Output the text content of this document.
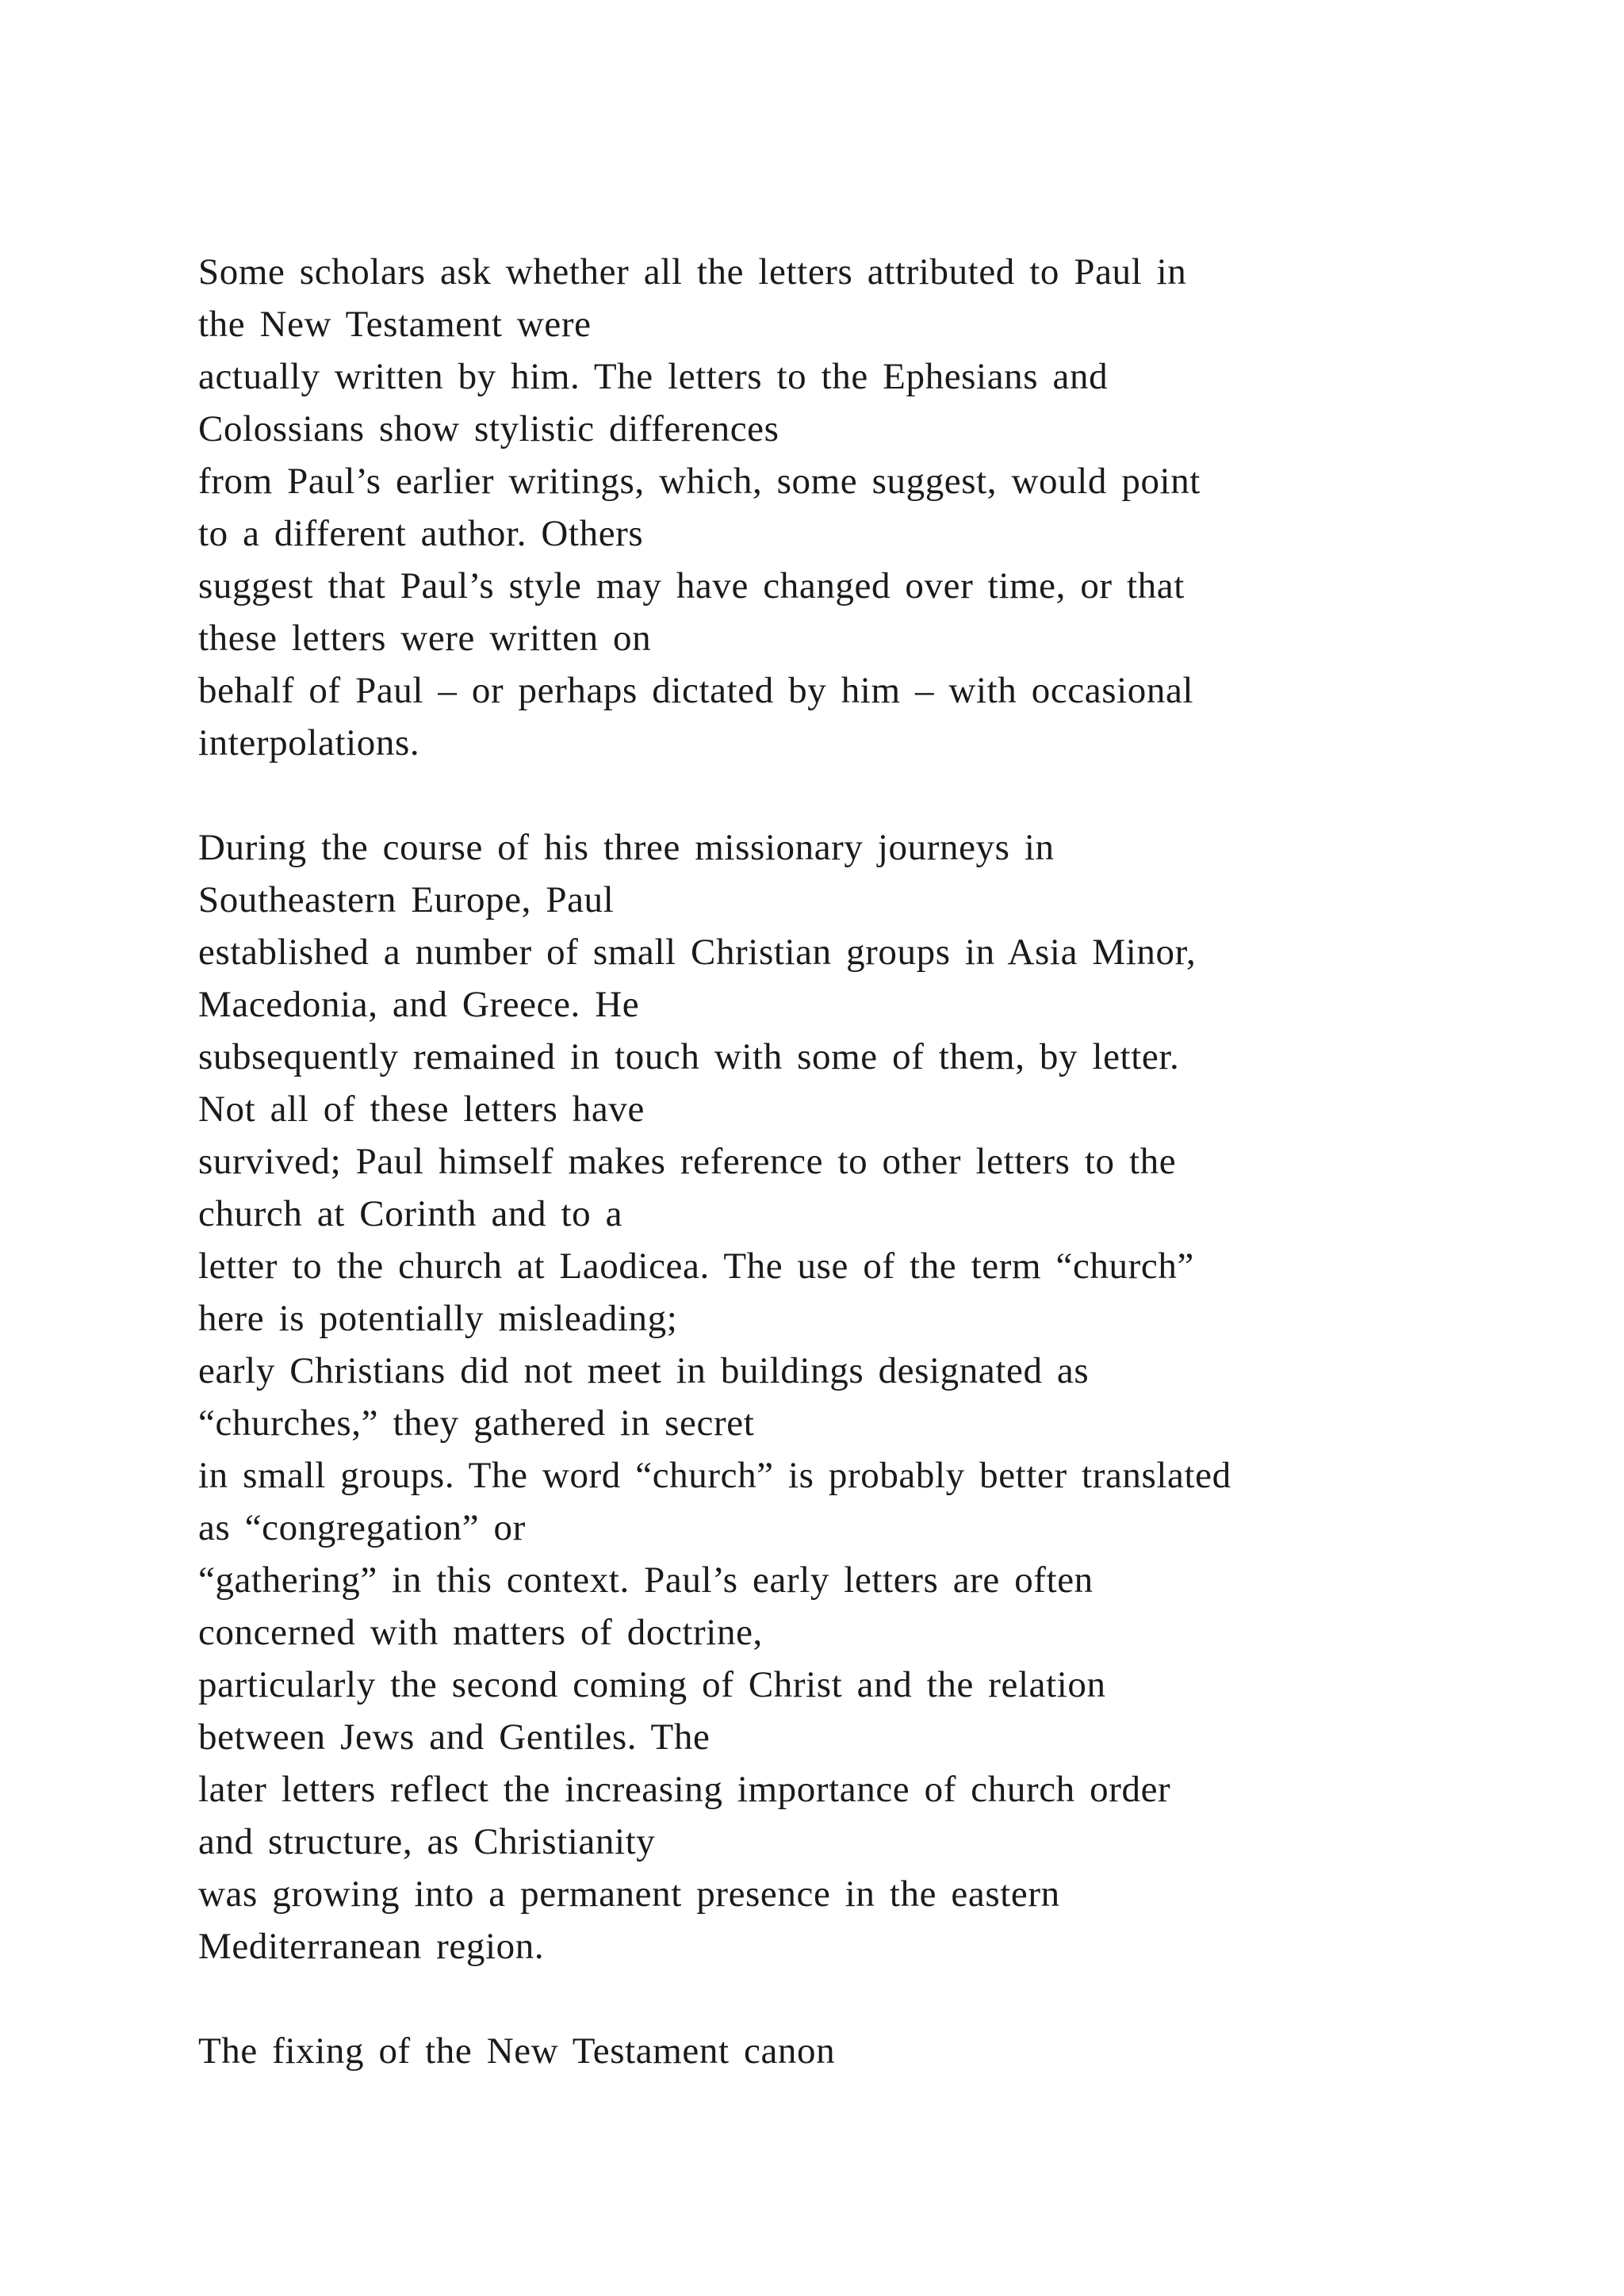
Some scholars ask whether all the letters attributed to Paul in
the New Testament were
actually written by him. The letters to the Ephesians and
Colossians show stylistic differences
from Paul’s earlier writings, which, some suggest, would point
to a different author. Others
suggest that Paul’s style may have changed over time, or that
these letters were written on
behalf of Paul – or perhaps dictated by him – with occasional
interpolations.
During the course of his three missionary journeys in
Southeastern Europe, Paul
established a number of small Christian groups in Asia Minor,
Macedonia, and Greece. He
subsequently remained in touch with some of them, by letter.
Not all of these letters have
survived; Paul himself makes reference to other letters to the
church at Corinth and to a
letter to the church at Laodicea. The use of the term “church”
here is potentially misleading;
early Christians did not meet in buildings designated as
“churches,” they gathered in secret
in small groups. The word “church” is probably better translated
as “congregation” or
“gathering” in this context. Paul’s early letters are often
concerned with matters of doctrine,
particularly the second coming of Christ and the relation
between Jews and Gentiles. The
later letters reflect the increasing importance of church order
and structure, as Christianity
was growing into a permanent presence in the eastern
Mediterranean region.
The fixing of the New Testament canon
